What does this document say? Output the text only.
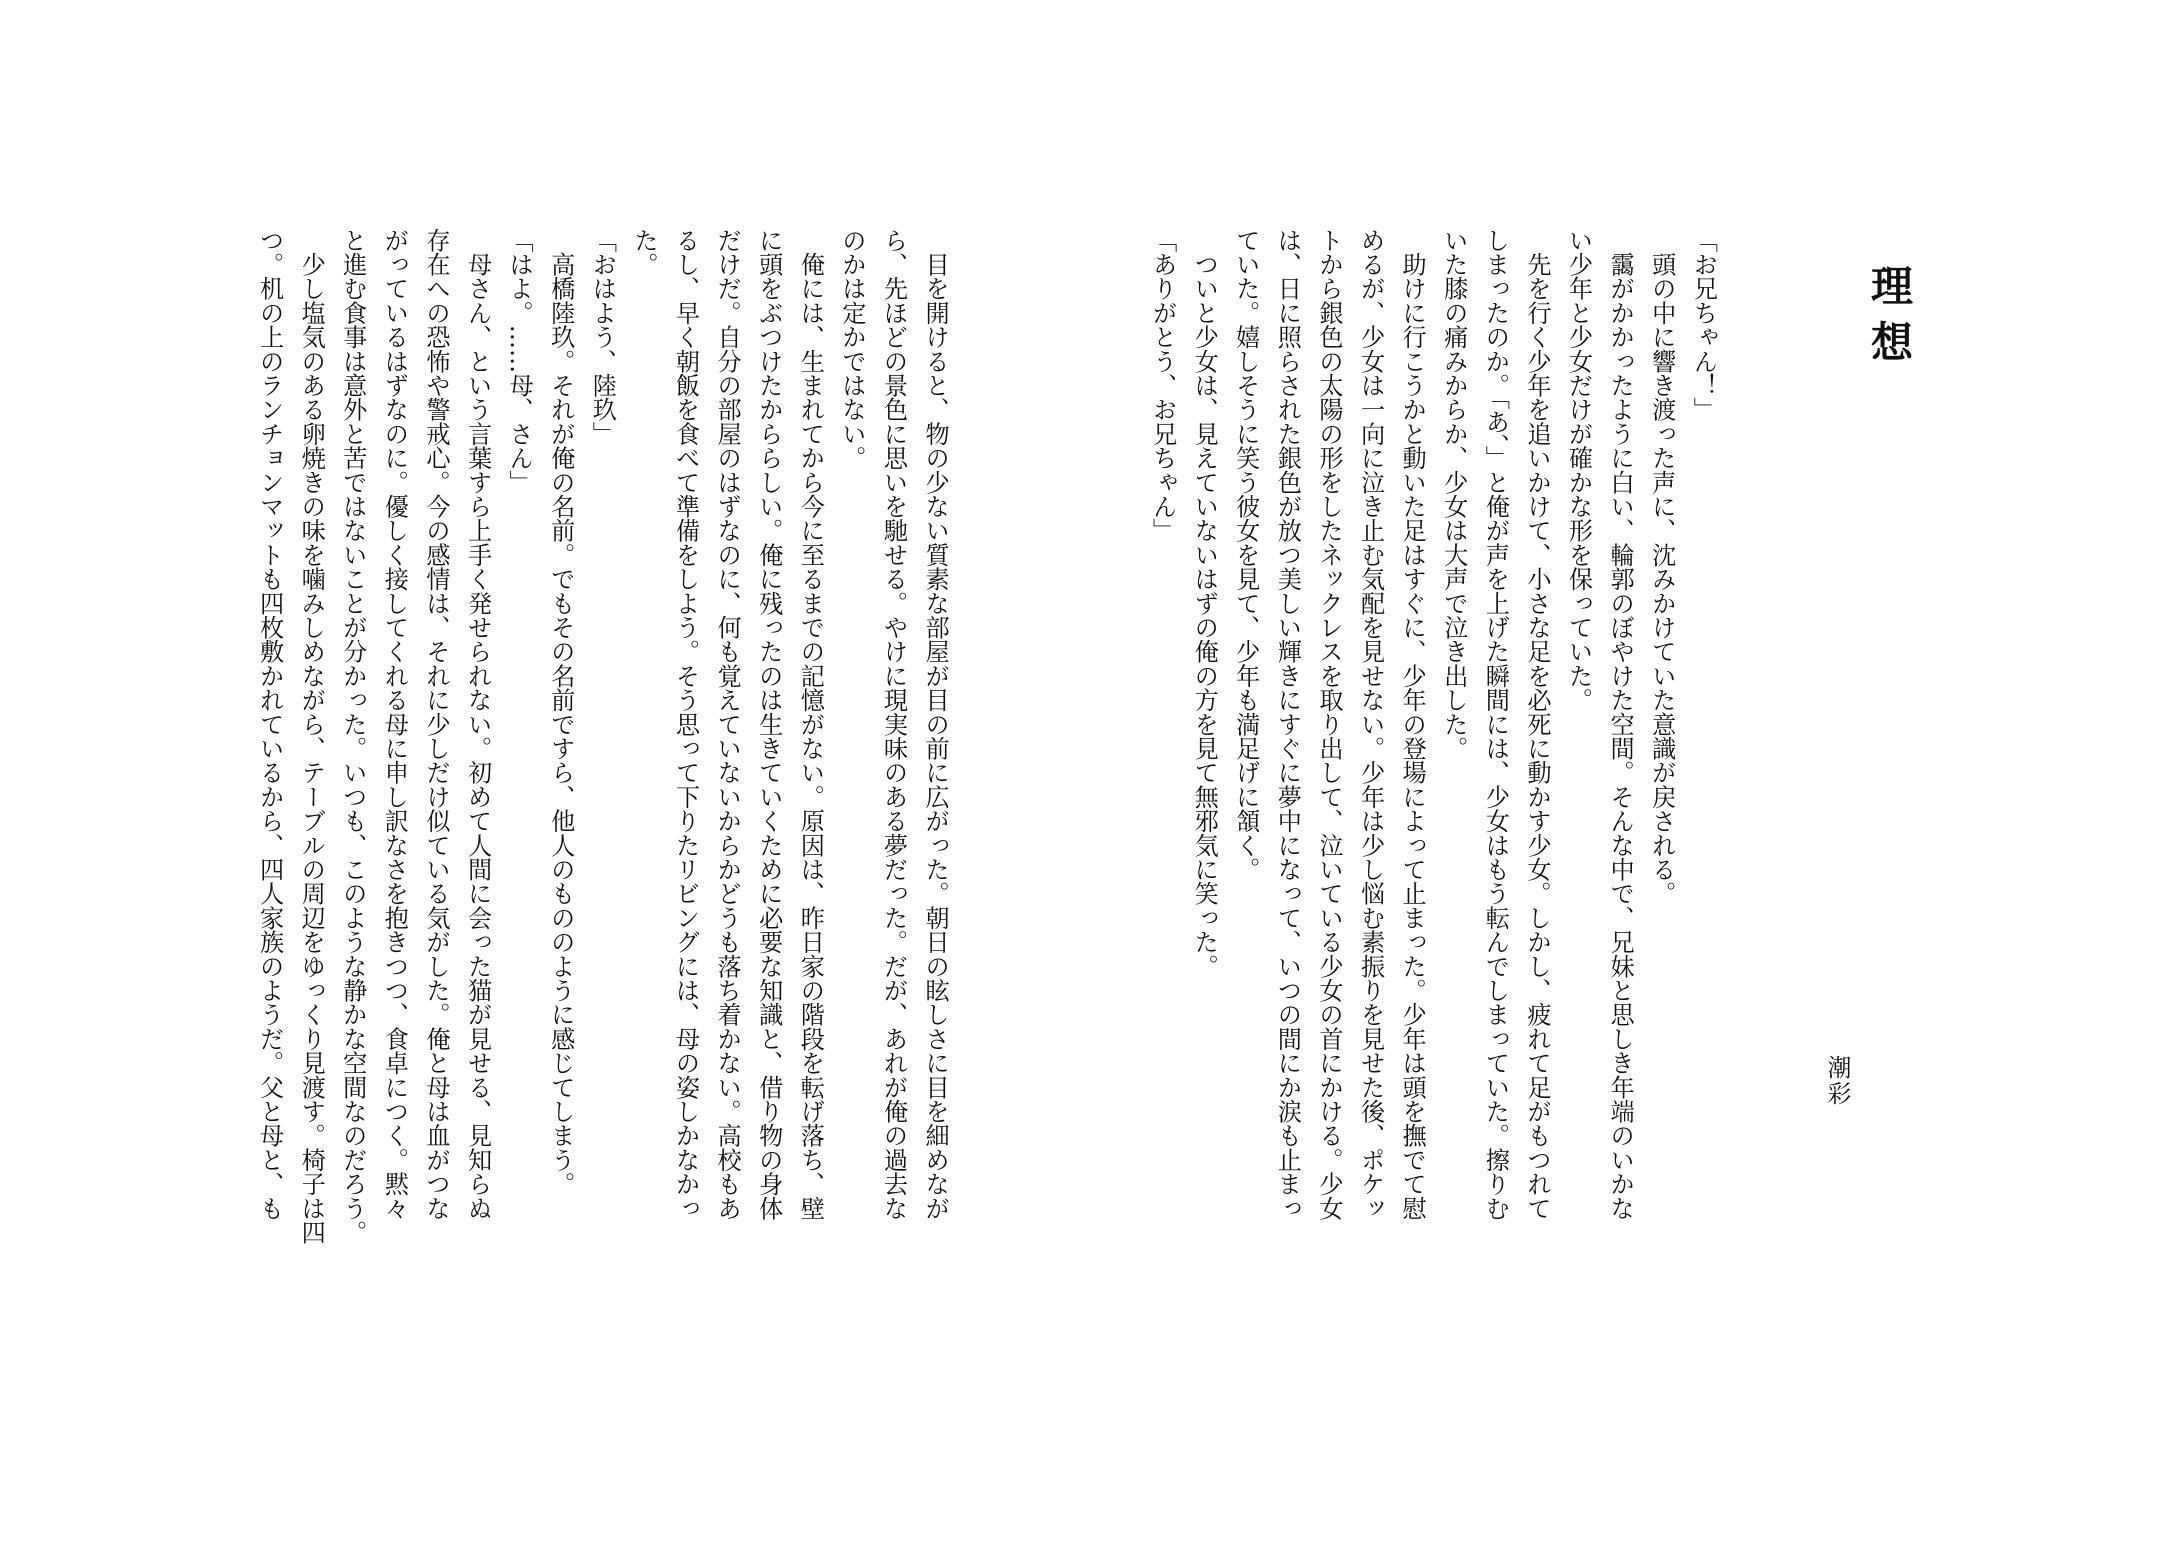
理想
潮彩
「お兄ちゃん！」
　頭の中に響き渡った声に、沈みかけていた意識が戻される。
　靄がかかったように白い、輪郭のぼやけた空間。そんな中で、兄妹と思しき年端のいかな
い少年と少女だけが確かな形を保っていた。
　先を行く少年を追いかけて、小さな足を必死に動かす少女。しかし、疲れて足がもつれて
しまったのか。「あ、」と俺が声を上げた瞬間には、少女はもう転んでしまっていた。擦りむ
いた膝の痛みからか、少女は大声で泣き出した。
　助けに行こうかと動いた足はすぐに、少年の登場によって止まった。少年は頭を撫でて慰
めるが、少女は一向に泣き止む気配を見せない。少年は少し悩む素振りを見せた後、ポケッ
トから銀色の太陽の形をしたネックレスを取り出して、泣いている少女の首にかける。少女
は、日に照らされた銀色が放つ美しい輝きにすぐに夢中になって、いつの間にか涙も止まっ
ていた。嬉しそうに笑う彼女を見て、少年も満足げに頷く。
　ついと少女は、見えていないはずの俺の方を見て無邪気に笑った。
「ありがとう、お兄ちゃん」
　目を開けると、物の少ない質素な部屋が目の前に広がった。朝日の眩しさに目を細めなが
ら、先ほどの景色に思いを馳せる。やけに現実味のある夢だった。だが、あれが俺の過去な
のかは定かではない。
　俺には、生まれてから今に至るまでの記憶がない。原因は、昨日家の階段を転げ落ち、壁
に頭をぶつけたかららしい。俺に残ったのは生きていくために必要な知識と、借り物の身体
だけだ。自分の部屋のはずなのに、何も覚えていないからかどうも落ち着かない。高校もあ
るし、早く朝飯を食べて準備をしよう。そう思って下りたリビングには、母の姿しかなかっ
た。
「おはよう、陸玖」
　高橋陸玖。それが俺の名前。でもその名前ですら、他人のもののように感じてしまう。
「はよ。……母、さん」
　母さん、という言葉すら上手く発せられない。初めて人間に会った猫が見せる、見知らぬ
存在への恐怖や警戒心。今の感情は、それに少しだけ似ている気がした。俺と母は血がつな
がっているはずなのに。優しく接してくれる母に申し訳なさを抱きつつ、食卓につく。黙々
と進む食事は意外と苦ではないことが分かった。いつも、このような静かな空間なのだろう。
　少し塩気のある卵焼きの味を噛みしめながら、テーブルの周辺をゆっくり見渡す。椅子は四
つ。机の上のランチョンマットも四枚敷かれているから、四人家族のようだ。父と母と、も
